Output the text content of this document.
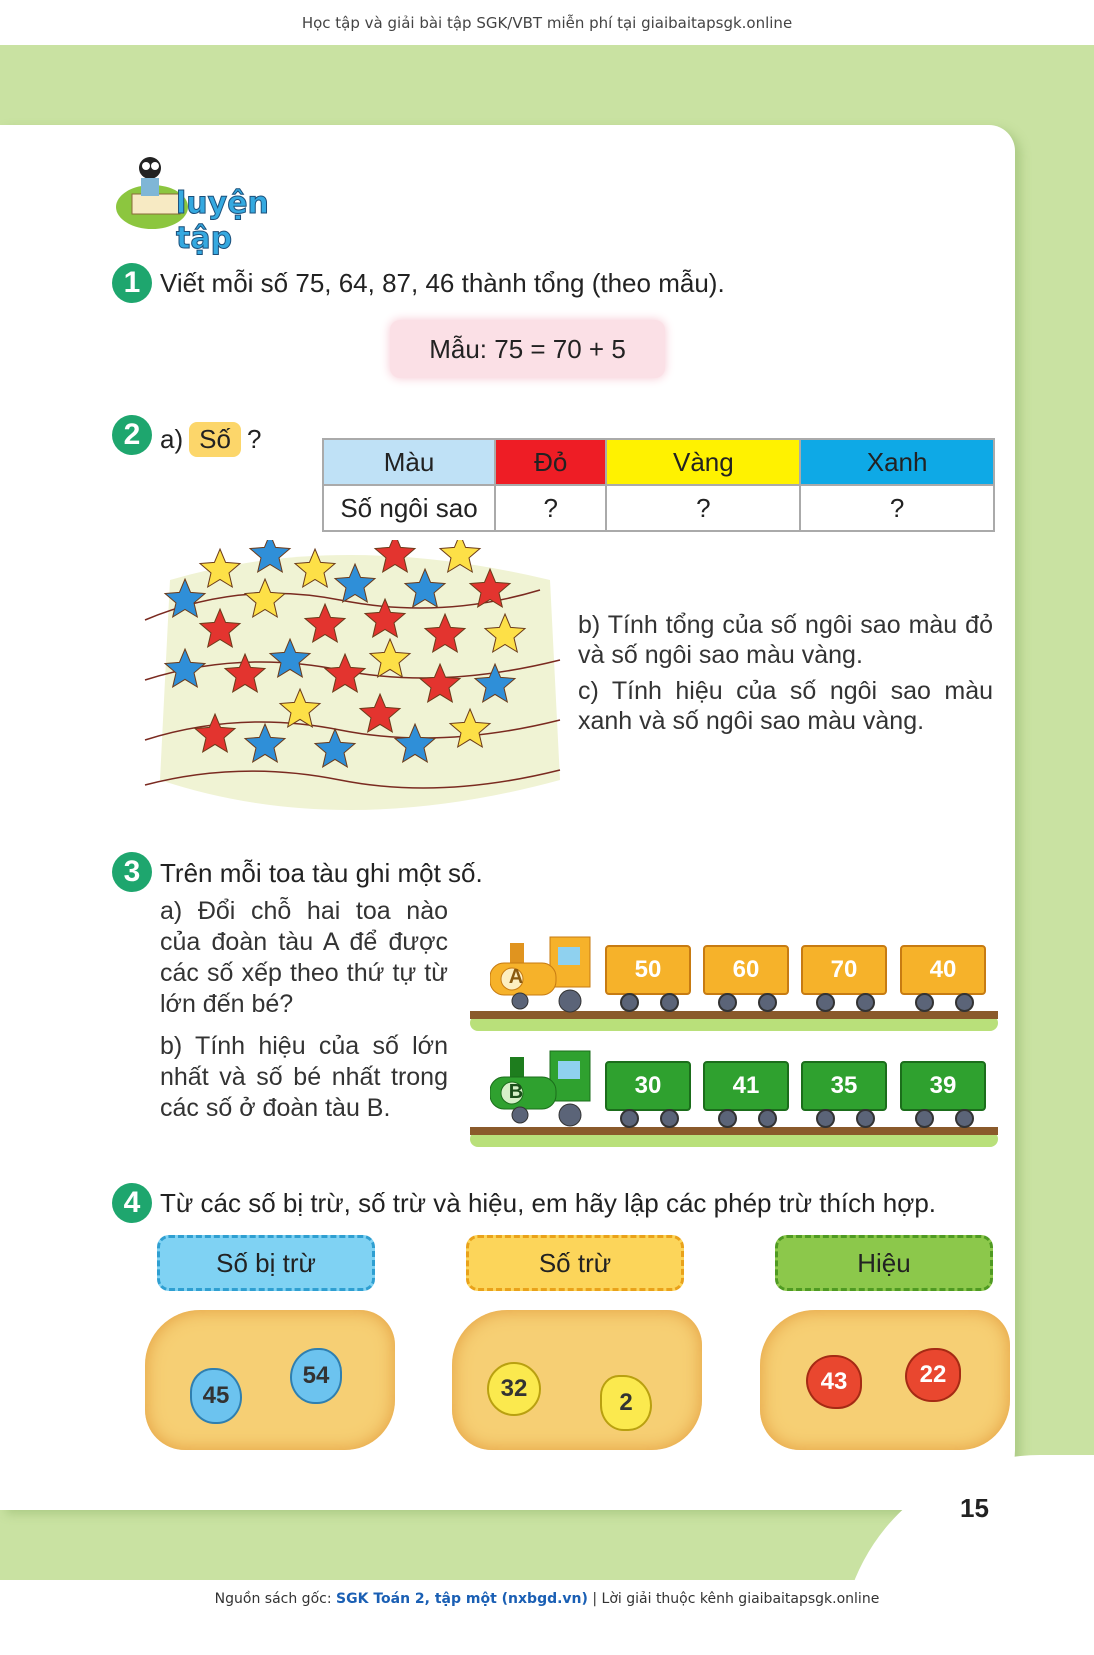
Học tập và giải bài tập SGK/VBT miễn phí tại giaibaitapsgk.online
15
Nguồn sách gốc: SGK Toán 2, tập một (nxbgd.vn) | Lời giải thuộc kênh giaibaitapsgk.online
luyện tập
1 Viết mỗi số 75, 64, 87, 46 thành tổng (theo mẫu).
Mẫu: 75 = 70 + 5
2 a) Số ?
Màu	Đỏ	Vàng	Xanh
Số ngôi sao	?	?	?
b) Tính tổng của số ngôi sao màu đỏ và số ngôi sao màu vàng.
c) Tính hiệu của số ngôi sao màu xanh và số ngôi sao màu vàng.
3 Trên mỗi toa tàu ghi một số.
a) Đổi chỗ hai toa nào của đoàn tàu A để được các số xếp theo thứ tự từ lớn đến bé?
b) Tính hiệu của số lớn nhất và số bé nhất trong các số ở đoàn tàu B.
A	50	60	70	40
B	30	41	35	39
4 Từ các số bị trừ, số trừ và hiệu, em hãy lập các phép trừ thích hợp.
Số bị trừ	Số trừ	Hiệu
45
54	32
2
43	22
